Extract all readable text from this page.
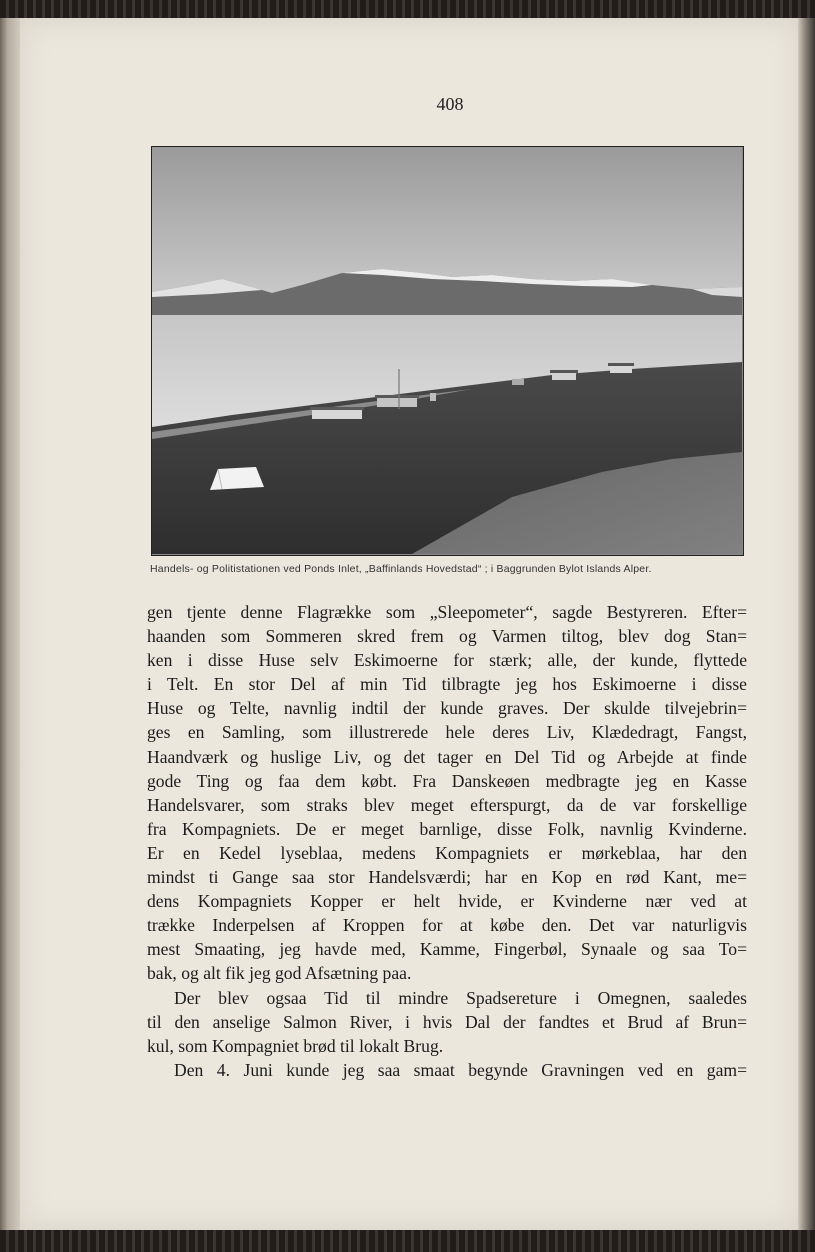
408
Handels- og Politistationen ved Ponds Inlet, „Baffinlands Hovedstad“ ; i Baggrunden Bylot Islands Alper.
gen tjente denne Flagrække som „Sleepometer“, sagde Bestyreren. Efter=
haanden som Sommeren skred frem og Varmen tiltog, blev dog Stan=
ken i disse Huse selv Eskimoerne for stærk; alle, der kunde, flyttede
i Telt. En stor Del af min Tid tilbragte jeg hos Eskimoerne i disse
Huse og Telte, navnlig indtil der kunde graves. Der skulde tilvejebrin=
ges en Samling, som illustrerede hele deres Liv, Klædedragt, Fangst,
Haandværk og huslige Liv, og det tager en Del Tid og Arbejde at finde
gode Ting og faa dem købt. Fra Danskeøen medbragte jeg en Kasse
Handelsvarer, som straks blev meget efterspurgt, da de var forskellige
fra Kompagniets. De er meget barnlige, disse Folk, navnlig Kvinderne.
Er en Kedel lyseblaa, medens Kompagniets er mørkeblaa, har den
mindst ti Gange saa stor Handelsværdi; har en Kop en rød Kant, me=
dens Kompagniets Kopper er helt hvide, er Kvinderne nær ved at
trække Inderpelsen af Kroppen for at købe den. Det var naturligvis
mest Smaating, jeg havde med, Kamme, Fingerbøl, Synaale og saa To=
bak, og alt fik jeg god Afsætning paa.
Der blev ogsaa Tid til mindre Spadsereture i Omegnen, saaledes
til den anselige Salmon River, i hvis Dal der fandtes et Brud af Brun=
kul, som Kompagniet brød til lokalt Brug.
Den 4. Juni kunde jeg saa smaat begynde Gravningen ved en gam=
